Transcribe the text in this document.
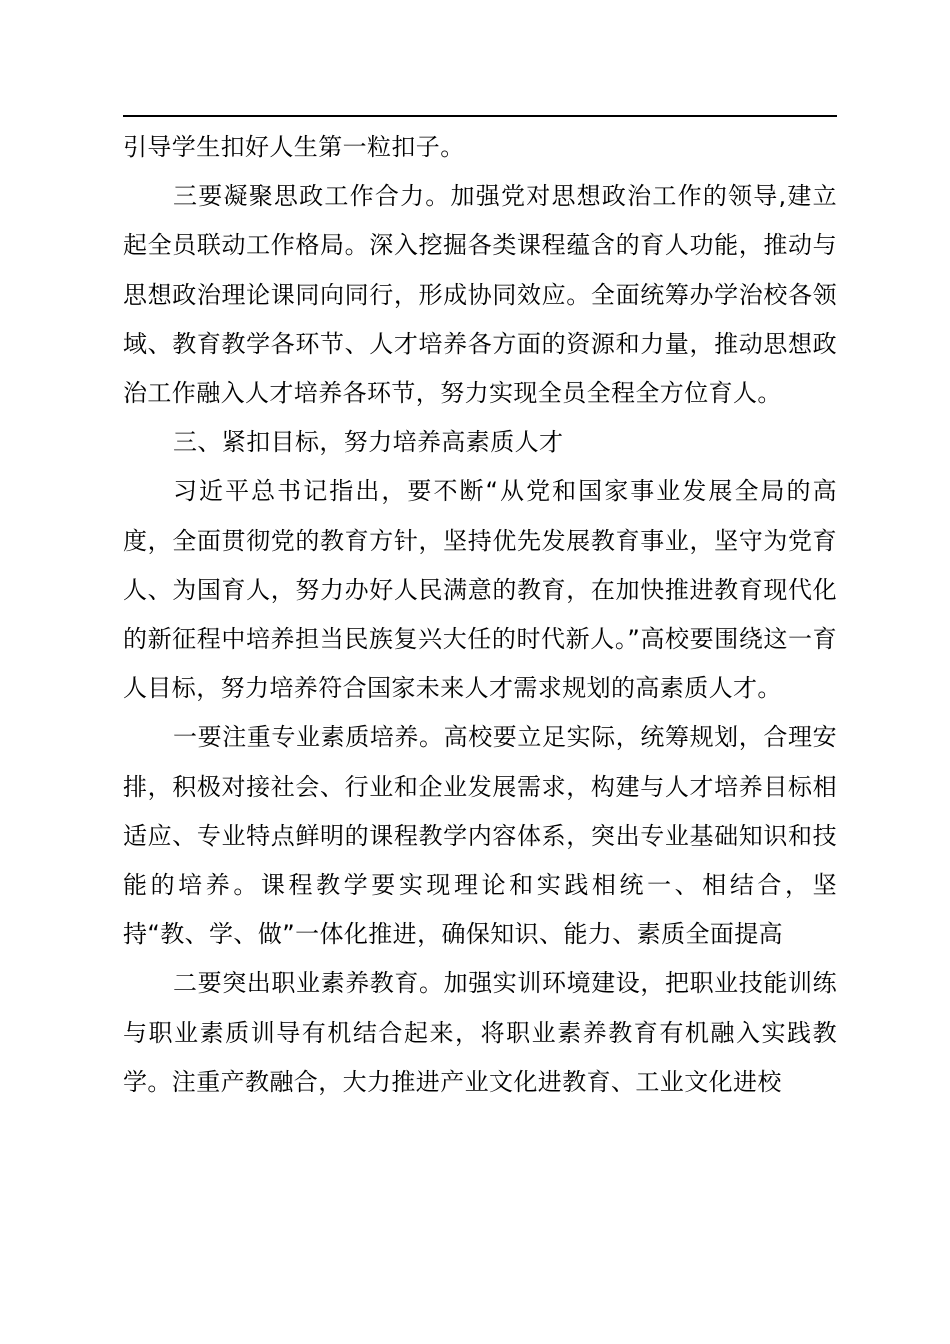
引导学生扣好人生第一粒扣子。

三要凝聚思政工作合力。加强党对思想政治工作的领导,建立起全员联动工作格局。深入挖掘各类课程蕴含的育人功能，推动与思想政治理论课同向同行，形成协同效应。全面统筹办学治校各领域、教育教学各环节、人才培养各方面的资源和力量，推动思想政治工作融入人才培养各环节，努力实现全员全程全方位育人。

三、紧扣目标，努力培养高素质人才

习近平总书记指出，要不断“从党和国家事业发展全局的高度，全面贯彻党的教育方针，坚持优先发展教育事业，坚守为党育人、为国育人，努力办好人民满意的教育，在加快推进教育现代化的新征程中培养担当民族复兴大任的时代新人。”高校要围绕这一育人目标，努力培养符合国家未来人才需求规划的高素质人才。

一要注重专业素质培养。高校要立足实际，统筹规划，合理安排，积极对接社会、行业和企业发展需求，构建与人才培养目标相适应、专业特点鲜明的课程教学内容体系，突出专业基础知识和技能的培养。课程教学要实现理论和实践相统一、相结合，坚持“教、学、做”一体化推进，确保知识、能力、素质全面提高

二要突出职业素养教育。加强实训环境建设，把职业技能训练与职业素质训导有机结合起来，将职业素养教育有机融入实践教学。注重产教融合，大力推进产业文化进教育、工业文化进校
